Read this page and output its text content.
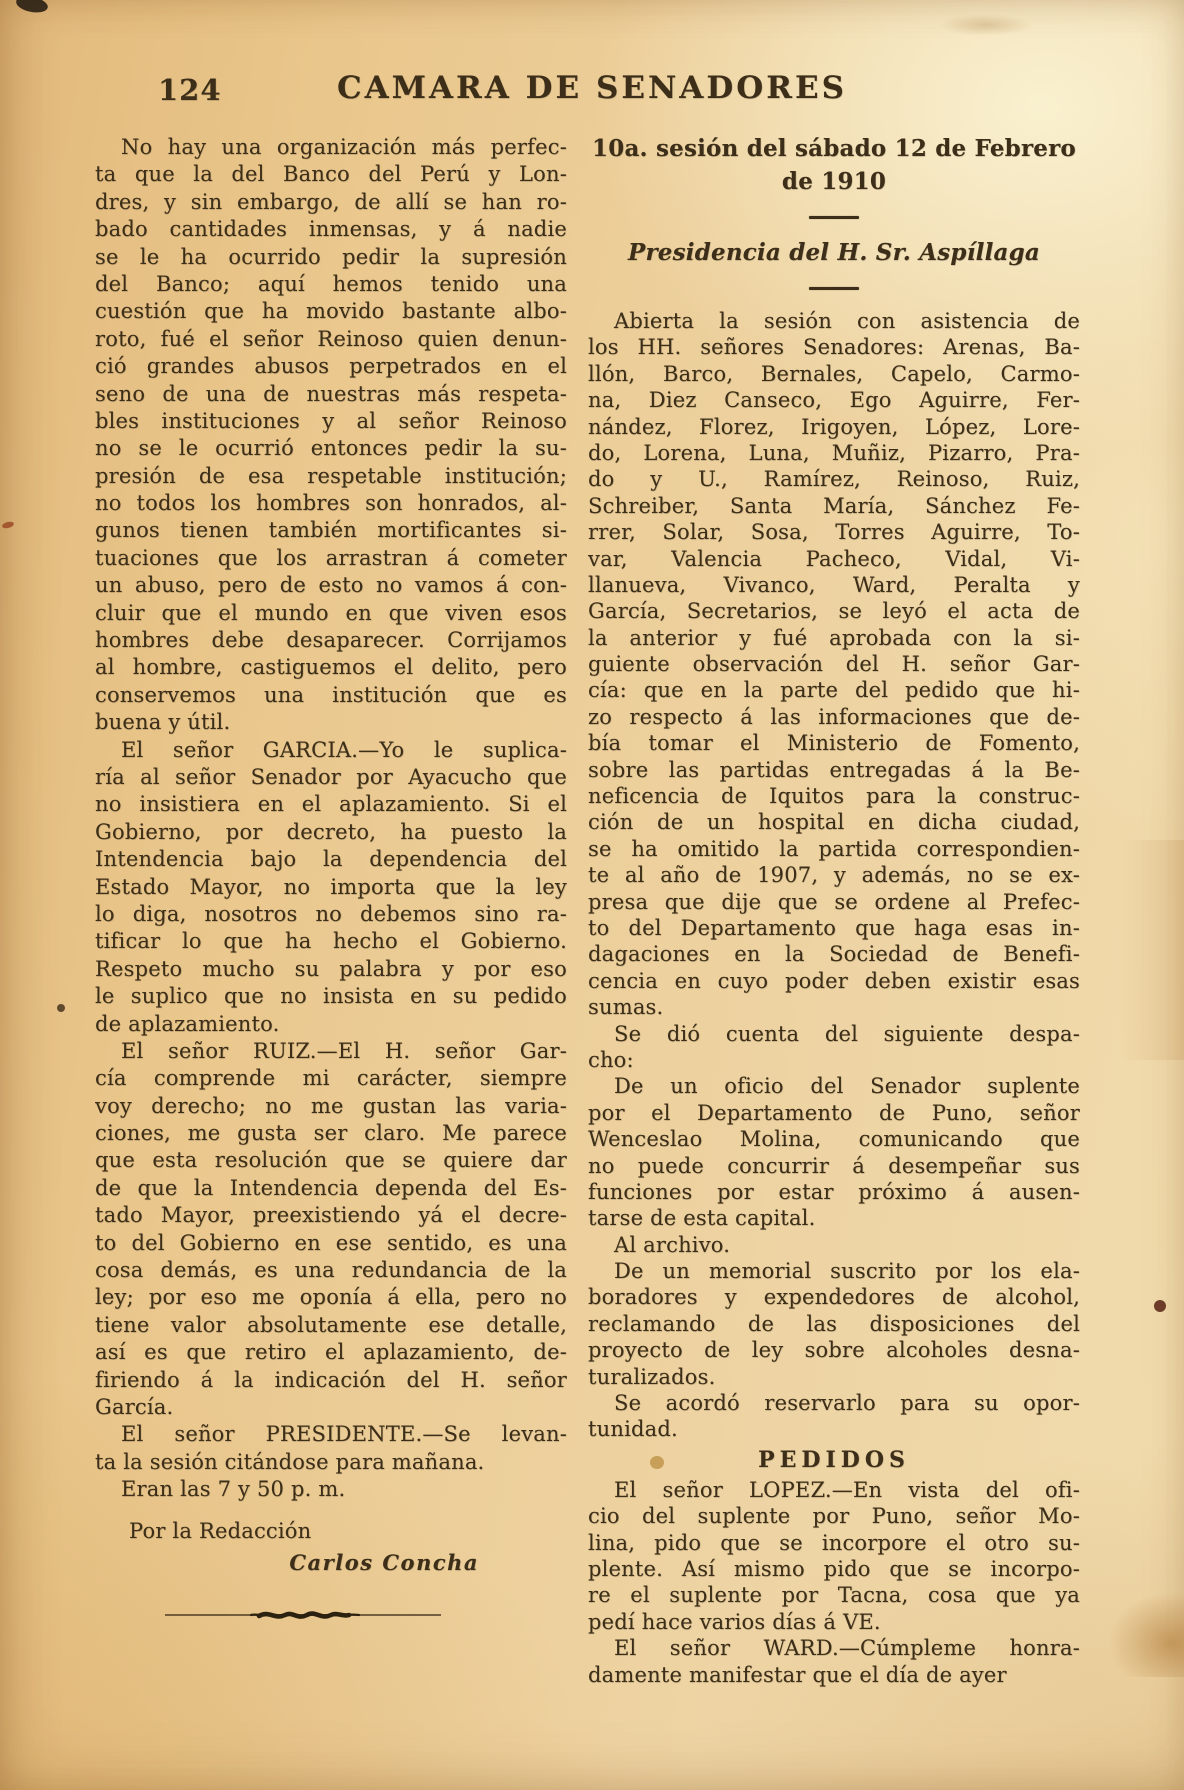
124	CAMARA DE SENADORES
No hay una organización más perfec-
ta que la del Banco del Perú y Lon-
dres, y sin embargo, de allí se han ro-
bado cantidades inmensas, y á nadie
se le ha ocurrido pedir la supresión
del Banco; aquí hemos tenido una
cuestión que ha movido bastante albo-
roto, fué el señor Reinoso quien denun-
ció grandes abusos perpetrados en el
seno de una de nuestras más respeta-
bles instituciones y al señor Reinoso
no se le ocurrió entonces pedir la su-
presión de esa respetable institución;
no todos los hombres son honrados, al-
gunos tienen también mortificantes si-
tuaciones que los arrastran á cometer
un abuso, pero de esto no vamos á con-
cluir que el mundo en que viven esos
hombres debe desaparecer. Corrijamos
al hombre, castiguemos el delito, pero
conservemos una institución que es
buena y útil.
El señor GARCIA.—Yo le suplica-
ría al señor Senador por Ayacucho que
no insistiera en el aplazamiento. Si el
Gobierno, por decreto, ha puesto la
Intendencia bajo la dependencia del
Estado Mayor, no importa que la ley
lo diga, nosotros no debemos sino ra-
tificar lo que ha hecho el Gobierno.
Respeto mucho su palabra y por eso
le suplico que no insista en su pedido
de aplazamiento.
El señor RUIZ.—El H. señor Gar-
cía comprende mi carácter, siempre
voy derecho; no me gustan las varia-
ciones, me gusta ser claro. Me parece
que esta resolución que se quiere dar
de que la Intendencia dependa del Es-
tado Mayor, preexistiendo yá el decre-
to del Gobierno en ese sentido, es una
cosa demás, es una redundancia de la
ley; por eso me oponía á ella, pero no
tiene valor absolutamente ese detalle,
así es que retiro el aplazamiento, de-
firiendo á la indicación del H. señor
García.
El señor PRESIDENTE.—Se levan-
ta la sesión citándose para mañana.
Eran las 7 y 50 p. m.
Por la Redacción
Carlos Concha
10a. sesión del sábado 12 de Febrero
de 1910
Presidencia del H. Sr. Aspíllaga
Abierta la sesión con asistencia de
los HH. señores Senadores: Arenas, Ba-
llón, Barco, Bernales, Capelo, Carmo-
na, Diez Canseco, Ego Aguirre, Fer-
nández, Florez, Irigoyen, López, Lore-
do, Lorena, Luna, Muñiz, Pizarro, Pra-
do y U., Ramírez, Reinoso, Ruiz,
Schreiber, Santa María, Sánchez Fe-
rrer, Solar, Sosa, Torres Aguirre, To-
var, Valencia Pacheco, Vidal, Vi-
llanueva, Vivanco, Ward, Peralta y
García, Secretarios, se leyó el acta de
la anterior y fué aprobada con la si-
guiente observación del H. señor Gar-
cía: que en la parte del pedido que hi-
zo respecto á las informaciones que de-
bía tomar el Ministerio de Fomento,
sobre las partidas entregadas á la Be-
neficencia de Iquitos para la construc-
ción de un hospital en dicha ciudad,
se ha omitido la partida correspondien-
te al año de 1907, y además, no se ex-
presa que dije que se ordene al Prefec-
to del Departamento que haga esas in-
dagaciones en la Sociedad de Benefi-
cencia en cuyo poder deben existir esas
sumas.
Se dió cuenta del siguiente despa-
cho:
De un oficio del Senador suplente
por el Departamento de Puno, señor
Wenceslao Molina, comunicando que
no puede concurrir á desempeñar sus
funciones por estar próximo á ausen-
tarse de esta capital.
Al archivo.
De un memorial suscrito por los ela-
boradores y expendedores de alcohol,
reclamando de las disposiciones del
proyecto de ley sobre alcoholes desna-
turalizados.
Se acordó reservarlo para su opor-
tunidad.
PEDIDOS
El señor LOPEZ.—En vista del ofi-
cio del suplente por Puno, señor Mo-
lina, pido que se incorpore el otro su-
plente. Así mismo pido que se incorpo-
re el suplente por Tacna, cosa que ya
pedí hace varios días á VE.
El señor WARD.—Cúmpleme honra-
damente manifestar que el día de ayer
